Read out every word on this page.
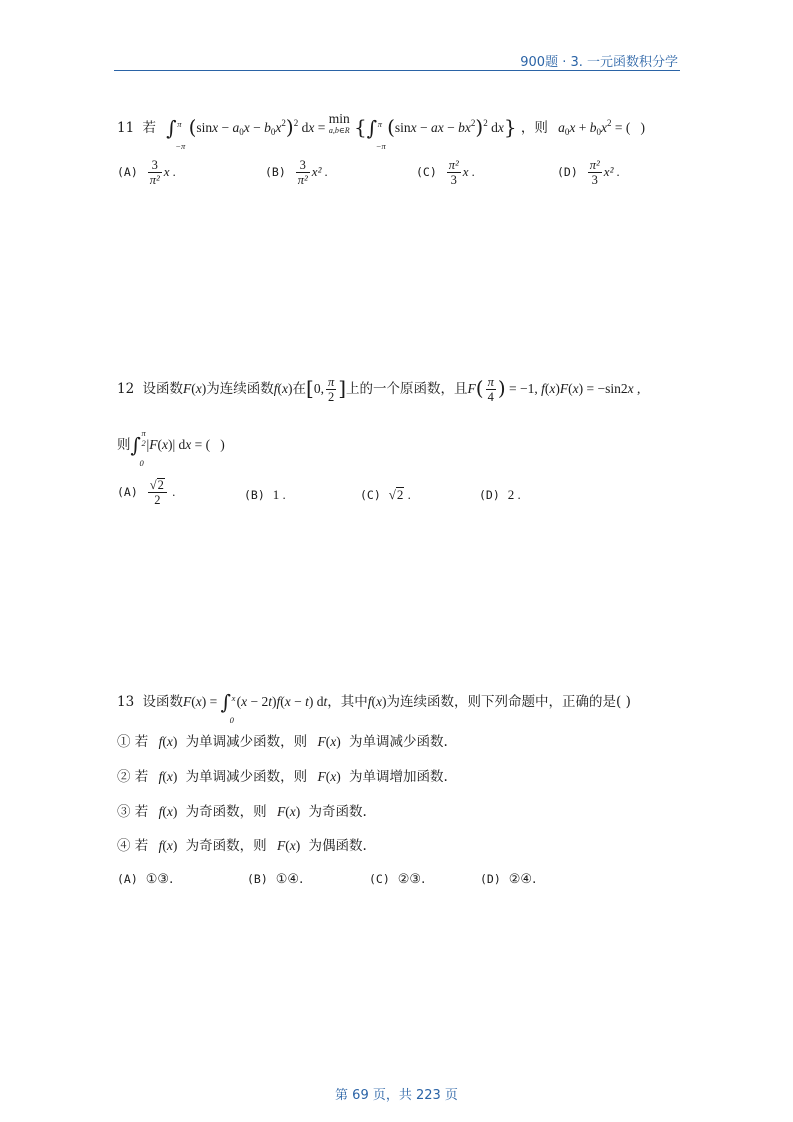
900题 · 3. 一元函数积分学
11 若 ∫ π
−π
$(\sin x - a_0x - b_0x^2)^2$ dx = min
a,b∈R {∫ π
−π
(sinx − ax − $bx^2)^2$ dx} ，则 $a_0x + b_0x^2$ = (   )
$(A) \frac{3}{\text{π²}}$ x .	$(B) \frac{3}{\text{π²}} x^2$ .	$(C) \frac{\text{π²}}{3}$ x .	$(D) \frac{\text{π²}}{3} x^2$ .
12 设函数F(x)为连续函数f(x)在[0, $\frac{\pi}{2}$ ]上的一个原函数，且$F( \frac{\pi}{4}$ ) = −1, f(x)F(x) = −sin2x ,
则∫ π
2
0
|F(x)| dx = (   )
$(A) \frac{√2}{2}$ .	(B) 1 .	(C) √2 .	(D) 2 .
13 设函数F(x) = ∫ x
0
(x − 2t)f(x − t) dt，其中f(x)为连续函数，则下列命题中，正确的是( )
① 若 f(x) 为单调减少函数，则 F(x) 为单调减少函数.
② 若 f(x) 为单调减少函数，则 F(x) 为单调增加函数.
③ 若 f(x) 为奇函数，则 F(x) 为奇函数.
④ 若 f(x) 为奇函数，则 F(x) 为偶函数.
(A) ①③.	(B) ①④.	(C) ②③.	(D) ②④.
第 69 页，共 223 页
